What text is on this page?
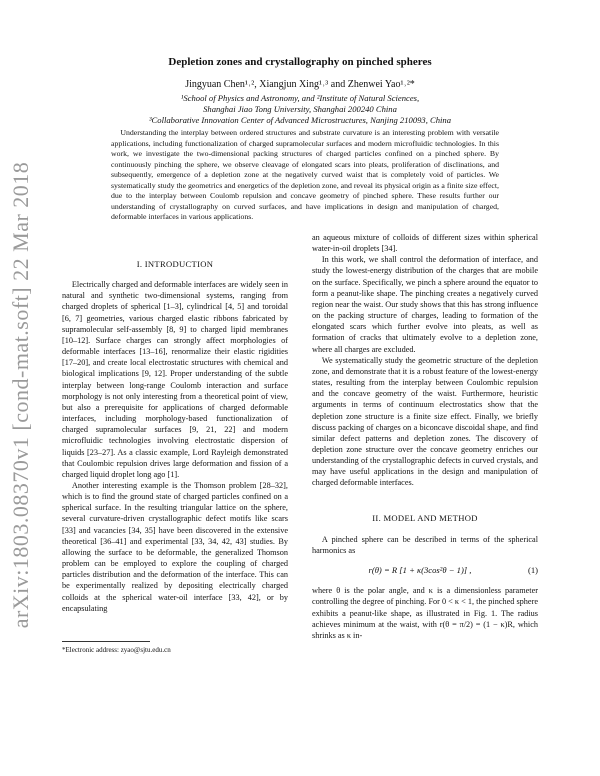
arXiv:1803.08370v1 [cond-mat.soft] 22 Mar 2018
Depletion zones and crystallography on pinched spheres
Jingyuan Chen¹˒², Xiangjun Xing¹˒³ and Zhenwei Yao¹˒²*
¹School of Physics and Astronomy, and ²Institute of Natural Sciences,
Shanghai Jiao Tong University, Shanghai 200240 China
³Collaborative Innovation Center of Advanced Microstructures, Nanjing 210093, China
Understanding the interplay between ordered structures and substrate curvature is an interesting problem with versatile applications, including functionalization of charged supramolecular surfaces and modern microfluidic technologies. In this work, we investigate the two-dimensional packing structures of charged particles confined on a pinched sphere. By continuously pinching the sphere, we observe cleavage of elongated scars into pleats, proliferation of disclinations, and subsequently, emergence of a depletion zone at the negatively curved waist that is completely void of particles. We systematically study the geometrics and energetics of the depletion zone, and reveal its physical origin as a finite size effect, due to the interplay between Coulomb repulsion and concave geometry of pinched sphere. These results further our understanding of crystallography on curved surfaces, and have implications in design and manipulation of charged, deformable interfaces in various applications.

I. INTRODUCTION

Electrically charged and deformable interfaces are widely seen in natural and synthetic two-dimensional systems, ranging from charged droplets of spherical [1–3], cylindrical [4, 5] and toroidal [6, 7] geometries, various charged elastic ribbons fabricated by supramolecular self-assembly [8, 9] to charged lipid membranes [10–12]. Surface charges can strongly affect morphologies of deformable interfaces [13–16], renormalize their elastic rigidities [17–20], and create local electrostatic structures with chemical and biological implications [9, 12]. Proper understanding of the subtle interplay between long-range Coulomb interaction and surface morphology is not only interesting from a theoretical point of view, but also a prerequisite for applications of charged deformable interfaces, including morphology-based functionalization of charged supramolecular surfaces [9, 21, 22] and modern microfluidic technologies involving electrostatic dispersion of liquids [23–27]. As a classic example, Lord Rayleigh demonstrated that Coulombic repulsion drives large deformation and fission of a charged liquid droplet long ago [1].

Another interesting example is the Thomson problem [28–32], which is to find the ground state of charged particles confined on a spherical surface. In the resulting triangular lattice on the sphere, several curvature-driven crystallographic defect motifs like scars [33] and vacancies [34, 35] have been discovered in the extensive theoretical [36–41] and experimental [33, 34, 42, 43] studies. By allowing the surface to be deformable, the generalized Thomson problem can be employed to explore the coupling of charged particles distribution and the deformation of the interface. This can be experimentally realized by depositing electrically charged colloids at the spherical water-oil interface [33, 42], or by encapsulating

an aqueous mixture of colloids of different sizes within spherical water-in-oil droplets [34].

In this work, we shall control the deformation of interface, and study the lowest-energy distribution of the charges that are mobile on the surface. Specifically, we pinch a sphere around the equator to form a peanut-like shape. The pinching creates a negatively curved region near the waist. Our study shows that this has strong influence on the packing structure of charges, leading to formation of the elongated scars which further evolve into pleats, as well as formation of cracks that ultimately evolve to a depletion zone, where all charges are excluded.

We systematically study the geometric structure of the depletion zone, and demonstrate that it is a robust feature of the lowest-energy states, resulting from the interplay between Coulombic repulsion and the concave geometry of the waist. Furthermore, heuristic arguments in terms of continuum electrostatics show that the depletion zone structure is a finite size effect. Finally, we briefly discuss packing of charges on a biconcave discoidal shape, and find similar defect patterns and depletion zones. The discovery of depletion zone structure over the concave geometry enriches our understanding of the crystallographic defects in curved crystals, and may have useful applications in the design and manipulation of charged deformable interfaces.

II. MODEL AND METHOD

A pinched sphere can be described in terms of the spherical harmonics as

r(θ) = R [1 + κ(3cos²θ − 1)] ,	(1)

where θ is the polar angle, and κ is a dimensionless parameter controlling the degree of pinching. For 0 < κ < 1, the pinched sphere exhibits a peanut-like shape, as illustrated in Fig. 1. The radius achieves minimum at the waist, with r(θ = π/2) = (1 − κ)R, which shrinks as κ in-

*Electronic address: zyao@sjtu.edu.cn
